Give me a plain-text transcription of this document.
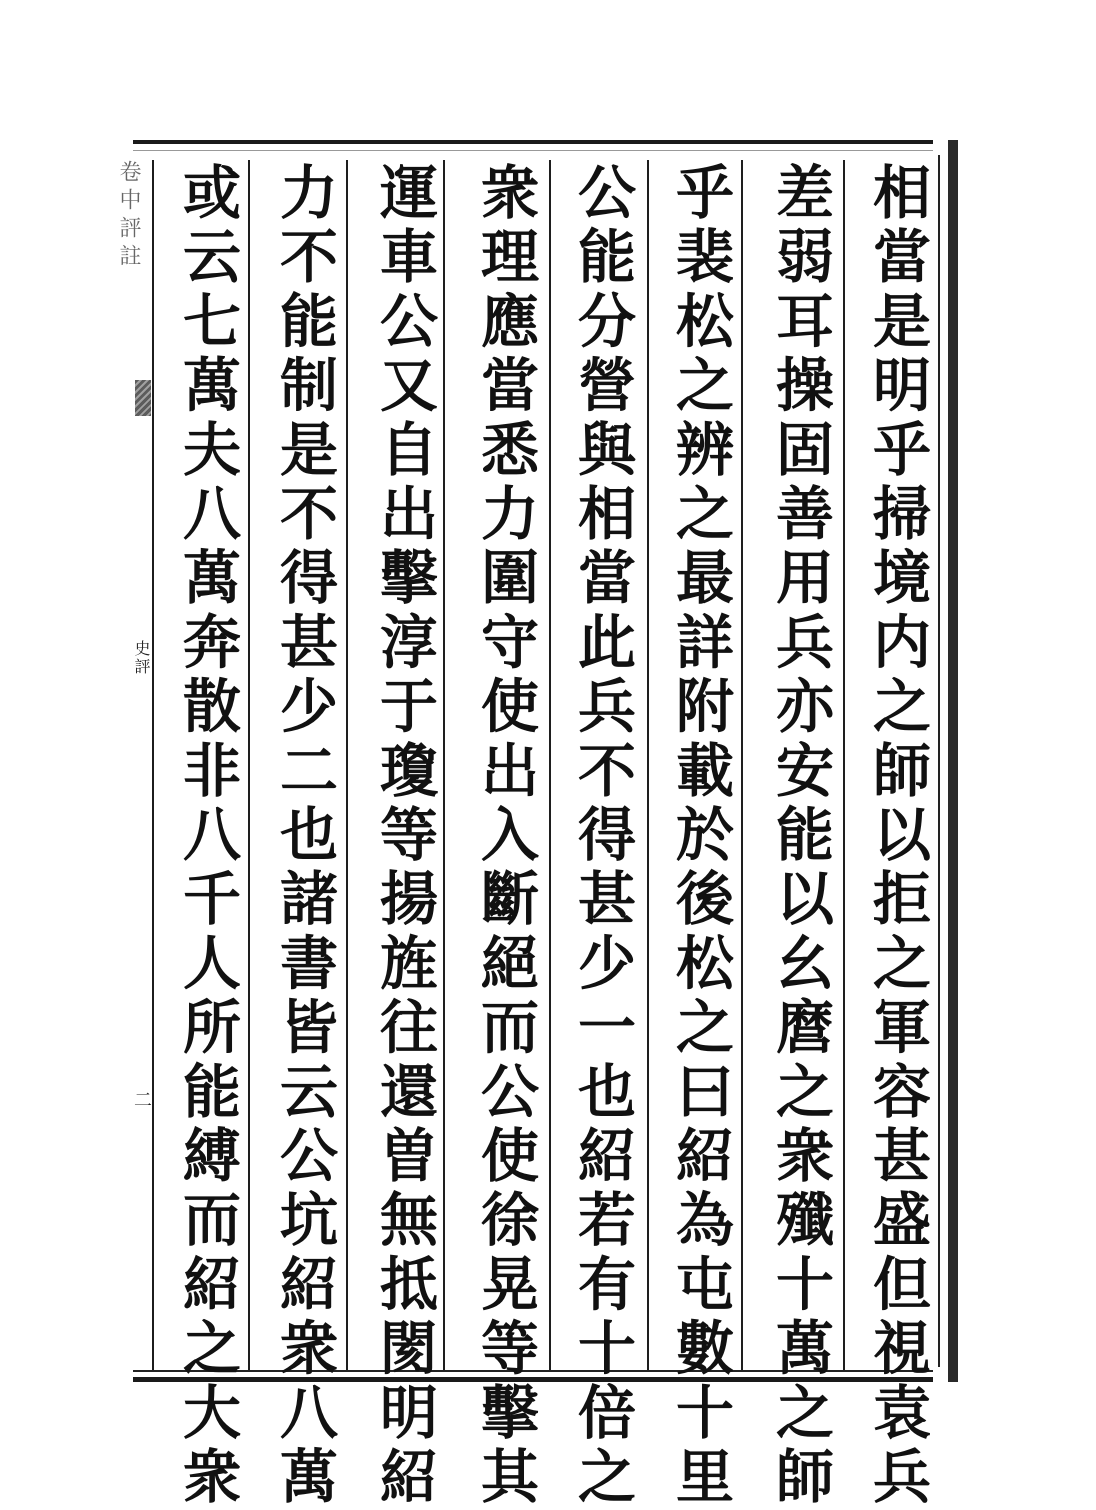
卷中評註
史評
二	相當是明乎掃境内之師以拒之軍容甚盛但視袁兵
差弱耳操固善用兵亦安能以幺麿之衆殲十萬之師
乎裴松之辨之最詳附載於後松之曰紹為屯數十里
公能分營與相當此兵不得甚少一也紹若有十倍之
衆理應當悉力圍守使出入斷絕而公使徐晃等擊其
運車公又自出擊淳于瓊等揚旌往還曽無抵閡明紹
力不能制是不得甚少二也諸書皆云公坑紹衆八萬
或云七萬夫八萬奔散非八千人所能縛而紹之大衆
